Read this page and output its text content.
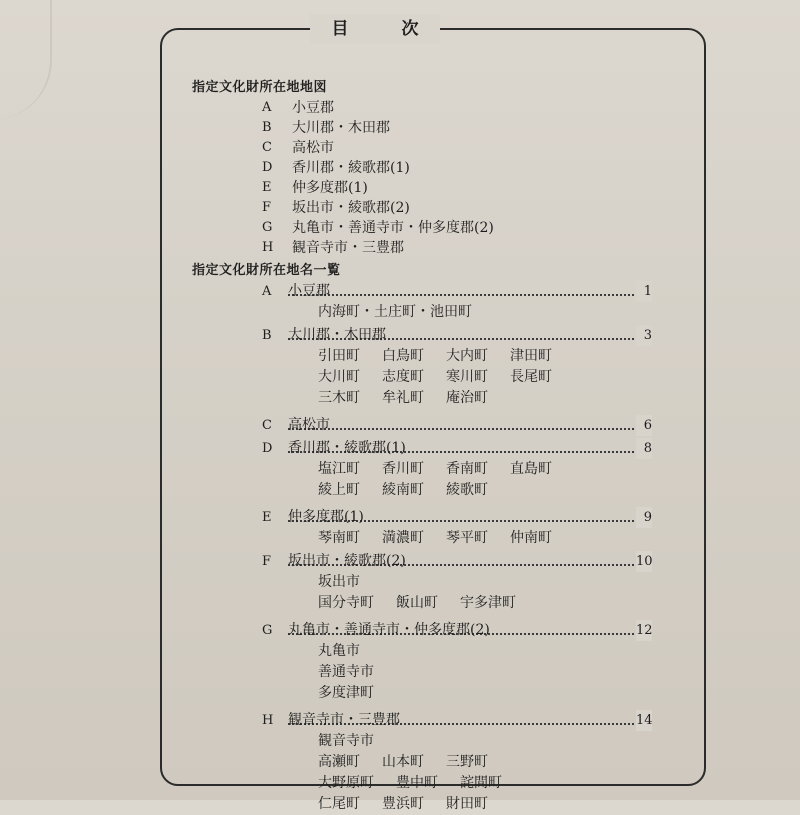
目　次
指定文化財所在地地図
A	小豆郡
B	大川郡・木田郡
C	高松市
D	香川郡・綾歌郡(1)
E	仲多度郡(1)
F	坂出市・綾歌郡(2)
G	丸亀市・善通寺市・仲多度郡(2)
H	観音寺市・三豊郡
指定文化財所在地名一覧
A	小豆郡	1
内海町・土庄町・池田町
B	大川郡・木田郡	3
引田町 白鳥町 大内町 津田町
大川町 志度町 寒川町 長尾町
三木町 牟礼町 庵治町
C	高松市	6
D	香川郡・綾歌郡(1)	8
塩江町 香川町 香南町 直島町
綾上町 綾南町 綾歌町
E	仲多度郡(1)	9
琴南町 満濃町 琴平町 仲南町
F	坂出市・綾歌郡(2)	10
坂出市
国分寺町 飯山町 宇多津町
G	丸亀市・善通寺市・仲多度郡(2)	12
丸亀市
善通寺市
多度津町
H	観音寺市・三豊郡	14
観音寺市
高瀬町 山本町 三野町
大野原町 豊中町 詫間町
仁尾町 豊浜町 財田町
